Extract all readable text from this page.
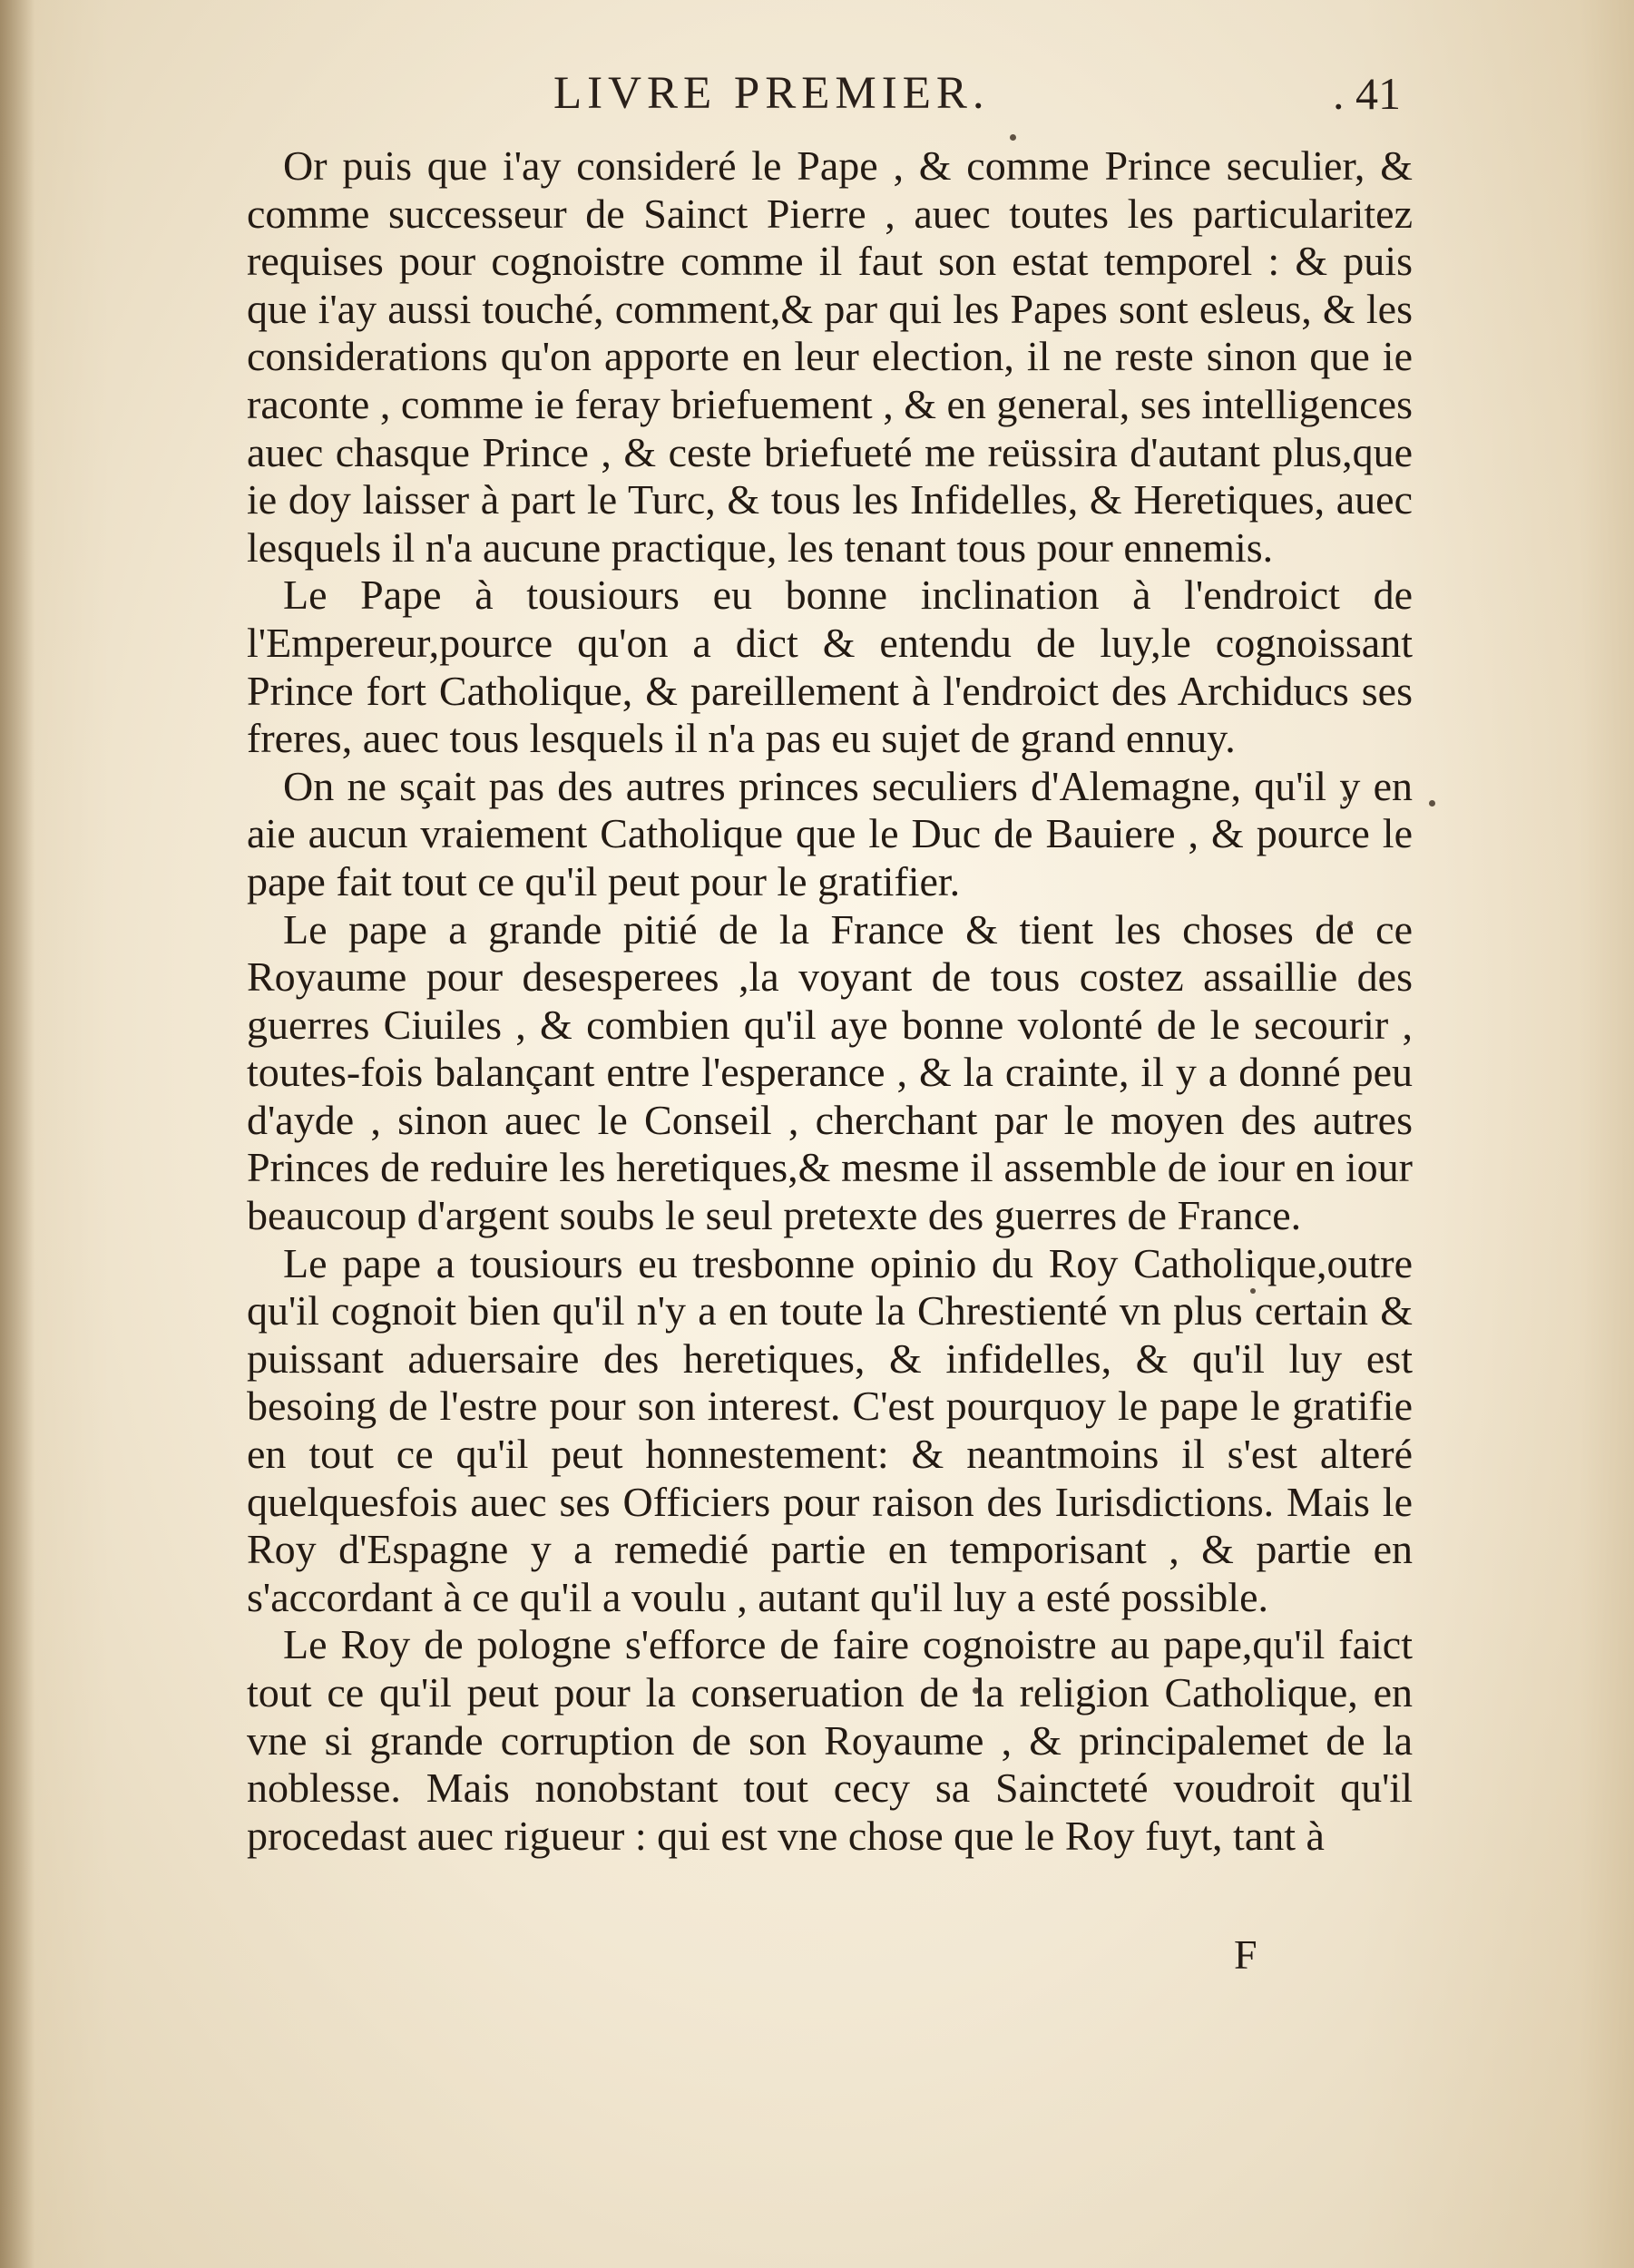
LIVRE PREMIER.	. 41

Or puis que i'ay consideré le Pape , & comme Prince seculier, & comme successeur de Sainct Pierre , auec toutes les particularitez requises pour cognoistre comme il faut son estat temporel : & puis que i'ay aussi touché, comment,& par qui les Papes sont esleus, & les considerations qu'on apporte en leur election, il ne reste sinon que ie raconte , comme ie feray briefuement , & en general, ses intelligences auec chasque Prince , & ceste briefueté me reüssira d'autant plus,que ie doy laisser à part le Turc, & tous les Infidelles, & Heretiques, auec lesquels il n'a aucune practique, les tenant tous pour ennemis.

Le Pape à tousiours eu bonne inclination à l'endroict de l'Empereur,pource qu'on a dict & entendu de luy,le cognoissant Prince fort Catholique, & pareillement à l'endroict des Archiducs ses freres, auec tous lesquels il n'a pas eu sujet de grand ennuy.

On ne sçait pas des autres princes seculiers d'Alemagne, qu'il y en aie aucun vraiement Catholique que le Duc de Bauiere , & pource le pape fait tout ce qu'il peut pour le gratifier.

Le pape a grande pitié de la France & tient les choses de ce Royaume pour desesperees ,la voyant de tous costez assaillie des guerres Ciuiles , & combien qu'il aye bonne volonté de le secourir , toutes-fois balançant entre l'esperance , & la crainte, il y a donné peu d'ayde , sinon auec le Conseil , cherchant par le moyen des autres Princes de reduire les heretiques,& mesme il assemble de iour en iour beaucoup d'argent soubs le seul pretexte des guerres de France.

Le pape a tousiours eu tresbonne opinio du Roy Catholique,outre qu'il cognoit bien qu'il n'y a en toute la Chrestienté vn plus certain & puissant aduersaire des heretiques, & infidelles, & qu'il luy est besoing de l'estre pour son interest. C'est pourquoy le pape le gratifie en tout ce qu'il peut honnestement: & neantmoins il s'est alteré quelquesfois auec ses Officiers pour raison des Iurisdictions. Mais le Roy d'Espagne y a remedié partie en temporisant , & partie en s'accordant à ce qu'il a voulu , autant qu'il luy a esté possible.

Le Roy de pologne s'efforce de faire cognoistre au pape,qu'il faict tout ce qu'il peut pour la conseruation de la religion Catholique, en vne si grande corruption de son Royaume , & principalemet de la noblesse. Mais nonobstant tout cecy sa Saincteté voudroit qu'il procedast auec rigueur : qui est vne chose que le Roy fuyt, tant à

F
